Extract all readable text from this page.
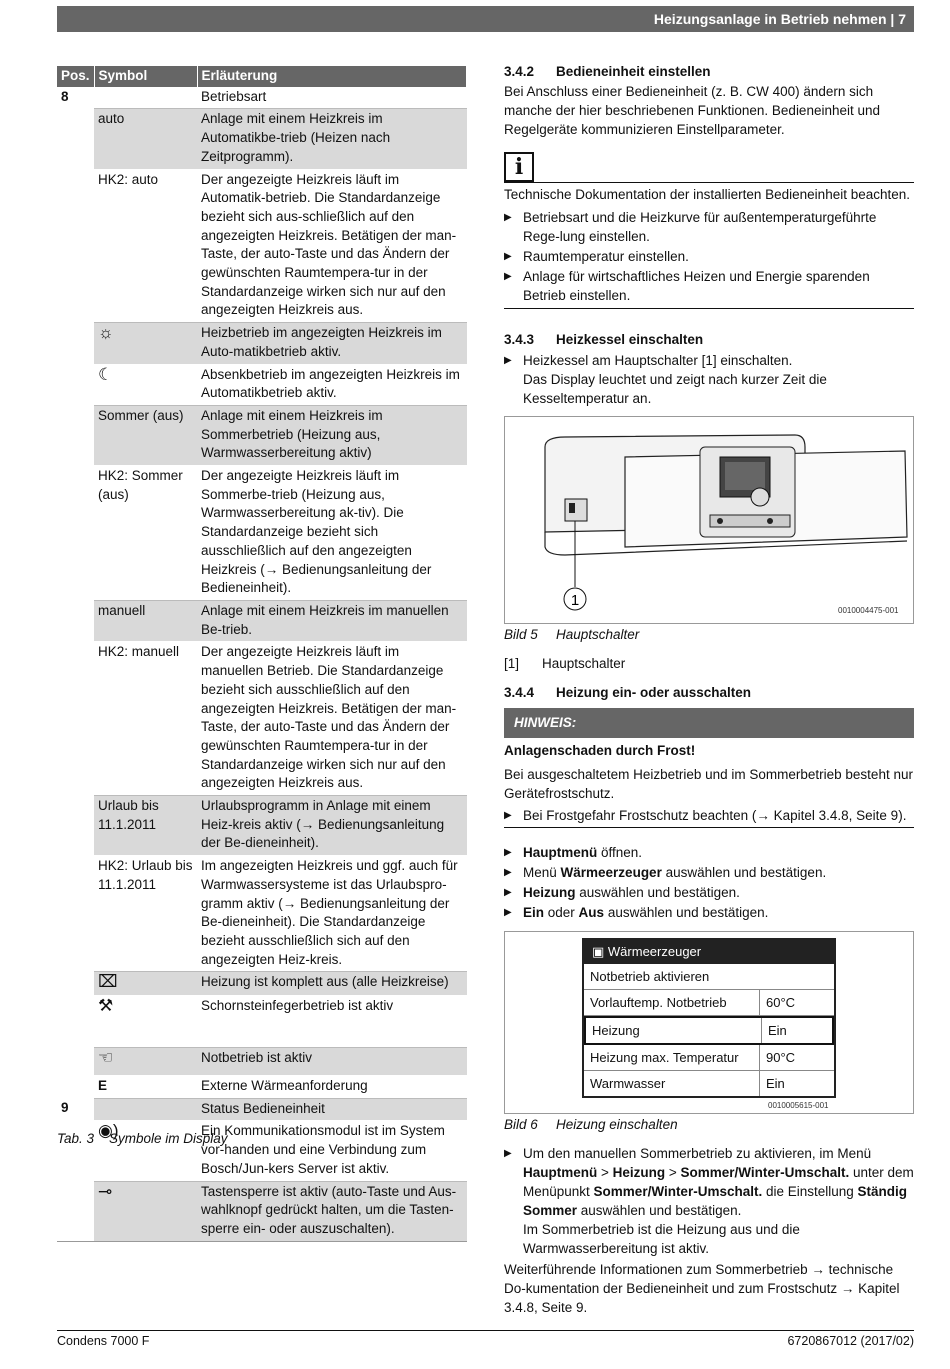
Heizungsanlage in Betrieb nehmen | 7
Pos.	Symbol	Erläuterung
8		Betriebsart
	auto	Anlage mit einem Heizkreis im Automatikbe-trieb (Heizen nach Zeitprogramm).
	HK2: auto	Der angezeigte Heizkreis läuft im Automatik-betrieb. Die Standardanzeige bezieht sich aus-schließlich auf den angezeigten Heizkreis. Betätigen der man-Taste, der auto-Taste und das Ändern der gewünschten Raumtempera-tur in der Standardanzeige wirken sich nur auf den angezeigten Heizkreis aus.
	☼	Heizbetrieb im angezeigten Heizkreis im Auto-matikbetrieb aktiv.
	☾	Absenkbetrieb im angezeigten Heizkreis im Automatikbetrieb aktiv.
	Sommer (aus)	Anlage mit einem Heizkreis im Sommerbetrieb (Heizung aus, Warmwasserbereitung aktiv)
	HK2: Sommer (aus)	Der angezeigte Heizkreis läuft im Sommerbe-trieb (Heizung aus, Warmwasserbereitung ak-tiv). Die Standardanzeige bezieht sich ausschließlich auf den angezeigten Heizkreis (→ Bedienungsanleitung der Bedieneinheit).
	manuell	Anlage mit einem Heizkreis im manuellen Be-trieb.
	HK2: manuell	Der angezeigte Heizkreis läuft im manuellen Betrieb. Die Standardanzeige bezieht sich ausschließlich auf den angezeigten Heizkreis. Betätigen der man-Taste, der auto-Taste und das Ändern der gewünschten Raumtempera-tur in der Standardanzeige wirken sich nur auf den angezeigten Heizkreis aus.
	Urlaub bis 11.1.2011	Urlaubsprogramm in Anlage mit einem Heiz-kreis aktiv (→ Bedienungsanleitung der Be-dieneinheit).
	HK2: Urlaub bis 11.1.2011	Im angezeigten Heizkreis und ggf. auch für Warmwassersysteme ist das Urlaubspro-gramm aktiv (→ Bedienungsanleitung der Be-dieneinheit). Die Standardanzeige bezieht ausschließlich sich auf den angezeigten Heiz-kreis.
	⌧	Heizung ist komplett aus (alle Heizkreise)
	⚒	Schornsteinfegerbetrieb ist aktiv
	☜	Notbetrieb ist aktiv
	E	Externe Wärmeanforderung
9		Status Bedieneinheit
	◉)	Ein Kommunikationsmodul ist im System vor-handen und eine Verbindung zum Bosch/Jun-kers Server ist aktiv.
	⊸	Tastensperre ist aktiv (auto-Taste und Aus-wahlknopf gedrückt halten, um die Tasten-sperre ein- oder auszuschalten).
Tab. 3 Symbole im Display
3.4.2 Bedieneinheit einstellen
Bei Anschluss einer Bedieneinheit (z. B. CW 400) ändern sich manche der hier beschriebenen Funktionen. Bedieneinheit und Regelgeräte kommunizieren Einstellparameter.
i
Technische Dokumentation der installierten Bedieneinheit beachten.
▶ Betriebsart und die Heizkurve für außentemperaturgeführte Rege-lung einstellen.
▶ Raumtemperatur einstellen.
▶ Anlage für wirtschaftliches Heizen und Energie sparenden Betrieb einstellen.
3.4.3 Heizkessel einschalten
▶ Heizkessel am Hauptschalter [1] einschalten.
Das Display leuchtet und zeigt nach kurzer Zeit die Kesseltemperatur an.
1
0010004475-001
Bild 5 Hauptschalter
[1] Hauptschalter
3.4.4 Heizung ein- oder ausschalten
HINWEIS:
Anlagenschaden durch Frost!
Bei ausgeschaltetem Heizbetrieb und im Sommerbetrieb besteht nur Gerätefrostschutz.
▶ Bei Frostgefahr Frostschutz beachten (→ Kapitel 3.4.8, Seite 9).
▶ Hauptmenü öffnen.
▶ Menü Wärmeerzeuger auswählen und bestätigen.
▶ Heizung auswählen und bestätigen.
▶ Ein oder Aus auswählen und bestätigen.
▣ Wärmeerzeuger
Notbetrieb aktivieren
Vorlauftemp. Notbetrieb	60°C
Heizung	Ein
Heizung max. Temperatur	90°C
Warmwasser	Ein
0010005615-001
Bild 6 Heizung einschalten
▶ Um den manuellen Sommerbetrieb zu aktivieren, im Menü Hauptmenü > Heizung > Sommer/Winter-Umschalt. unter dem Menüpunkt Sommer/Winter-Umschalt. die Einstellung Ständig Sommer auswählen und bestätigen.
Im Sommerbetrieb ist die Heizung aus und die Warmwasserbereitung ist aktiv.
Weiterführende Informationen zum Sommerbetrieb → technische Do-kumentation der Bedieneinheit und zum Frostschutz → Kapitel 3.4.8, Seite 9.
Condens 7000 F	6720867012 (2017/02)
